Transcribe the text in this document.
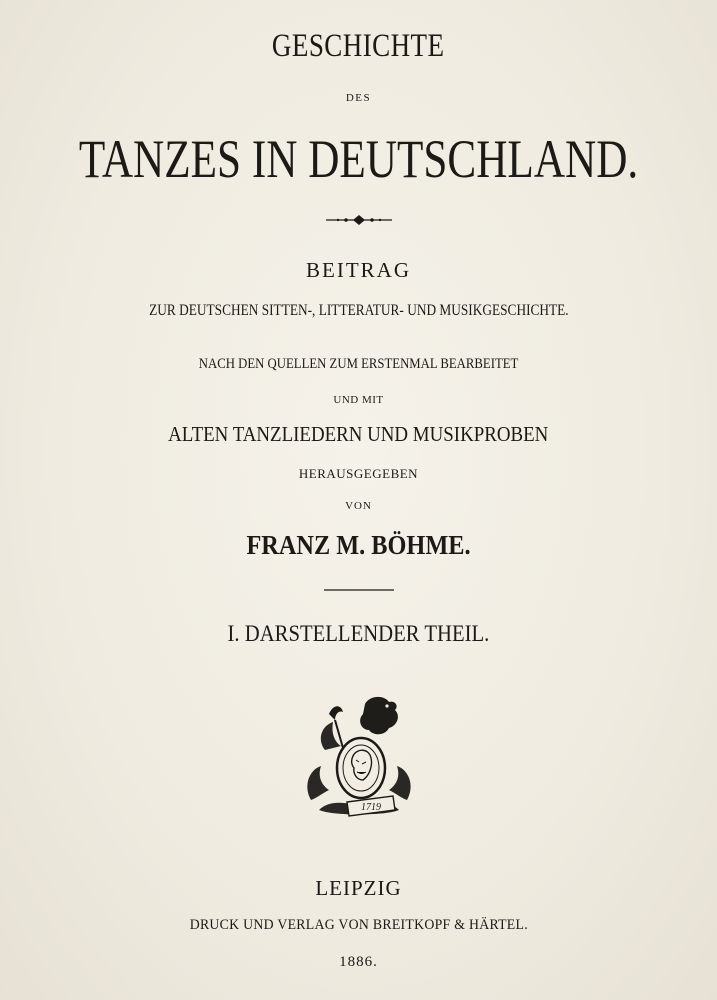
GESCHICHTE
DES
TANZES IN DEUTSCHLAND.
BEITRAG
ZUR DEUTSCHEN SITTEN-, LITTERATUR- UND MUSIKGESCHICHTE.
NACH DEN QUELLEN ZUM ERSTENMAL BEARBEITET
UND MIT
ALTEN TANZLIEDERN UND MUSIKPROBEN
HERAUSGEGEBEN
VON
FRANZ M. BÖHME.
I. DARSTELLENDER THEIL.
1719
LEIPZIG
DRUCK UND VERLAG VON BREITKOPF & HÄRTEL.
1886.
